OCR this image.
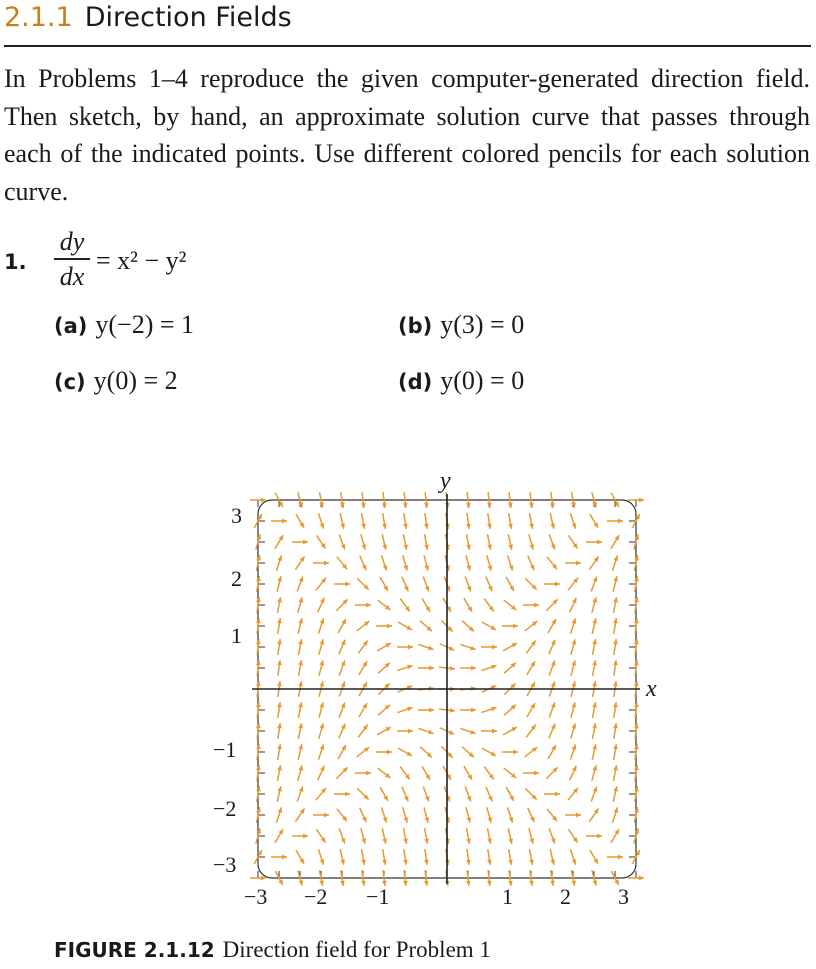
2.1.1 Direction Fields
In Problems 1–4 reproduce the given computer-generated direction field. Then sketch, by hand, an approximate solution curve that passes through each of the indicated points. Use different colored pencils for each solution curve.
1.
dy
dx
= x² − y²
(a) y(−2) = 1	(b) y(3) = 0
(c) y(0) = 2	(d) y(0) = 0
y
x
3
2
1
−1
−2
−3
−3 −2 −1	1 2 3
FIGURE 2.1.12 Direction field for Problem 1
